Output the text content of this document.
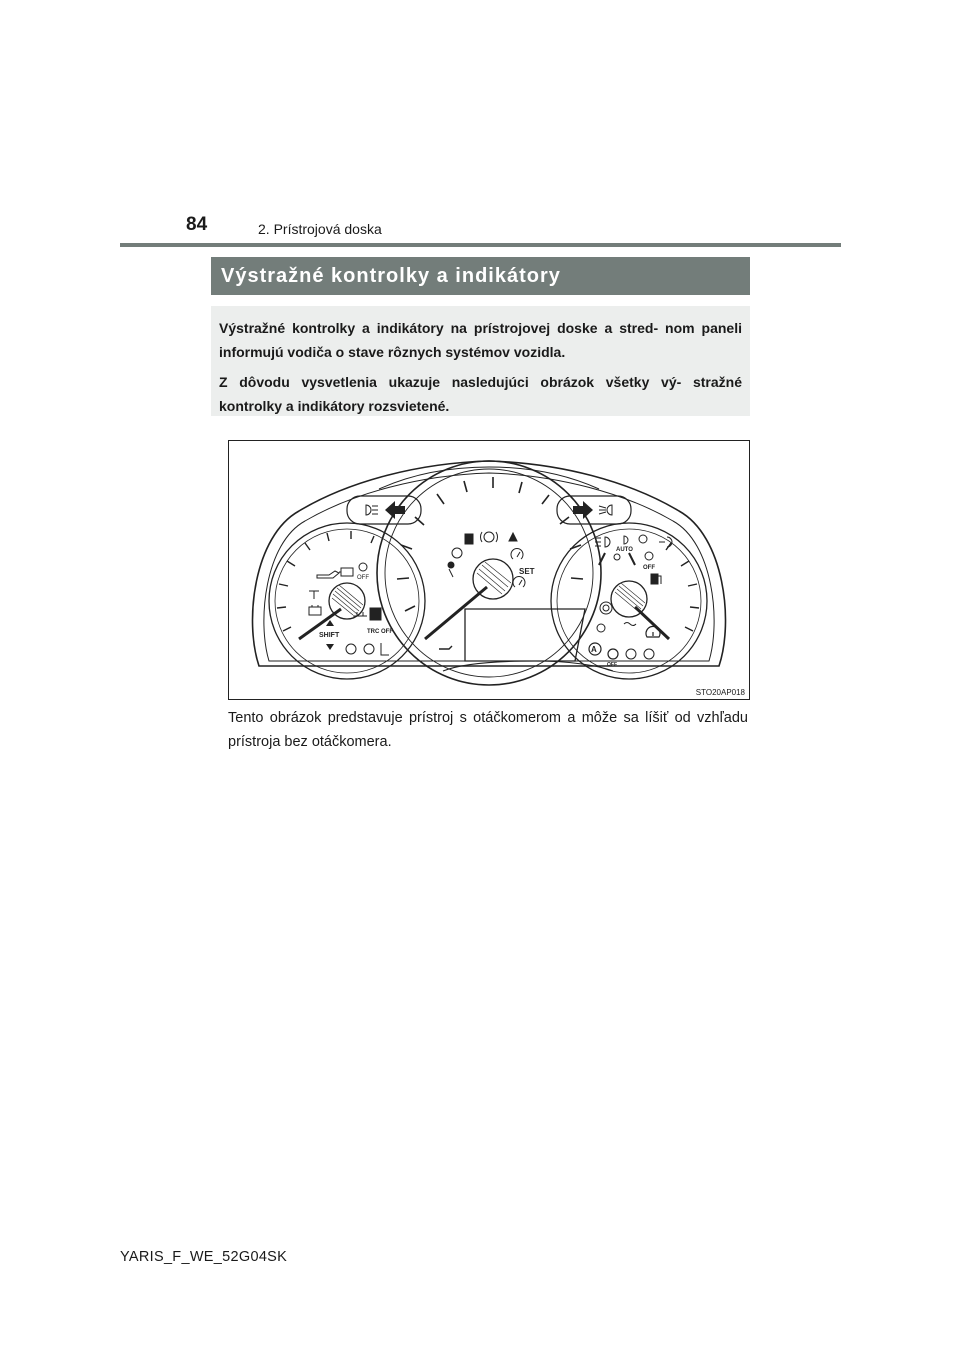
84	2. Prístrojová doska
Výstražné kontrolky a indikátory

Výstražné kontrolky a indikátory na prístrojovej doske a stred- nom paneli informujú vodiča o stave rôznych systémov vozidla.

Z dôvodu vysvetlenia ukazuje nasledujúci obrázok všetky vý- stražné kontrolky a indikátory rozsvietené.

OFF
SHIFT	TRC OFF
SET
AUTO
OFF
A
OFF
STO20AP018
Tento obrázok predstavuje prístroj s otáčkomerom a môže sa líšiť od vzhľadu prístroja bez otáčkomera.
YARIS_F_WE_52G04SK
